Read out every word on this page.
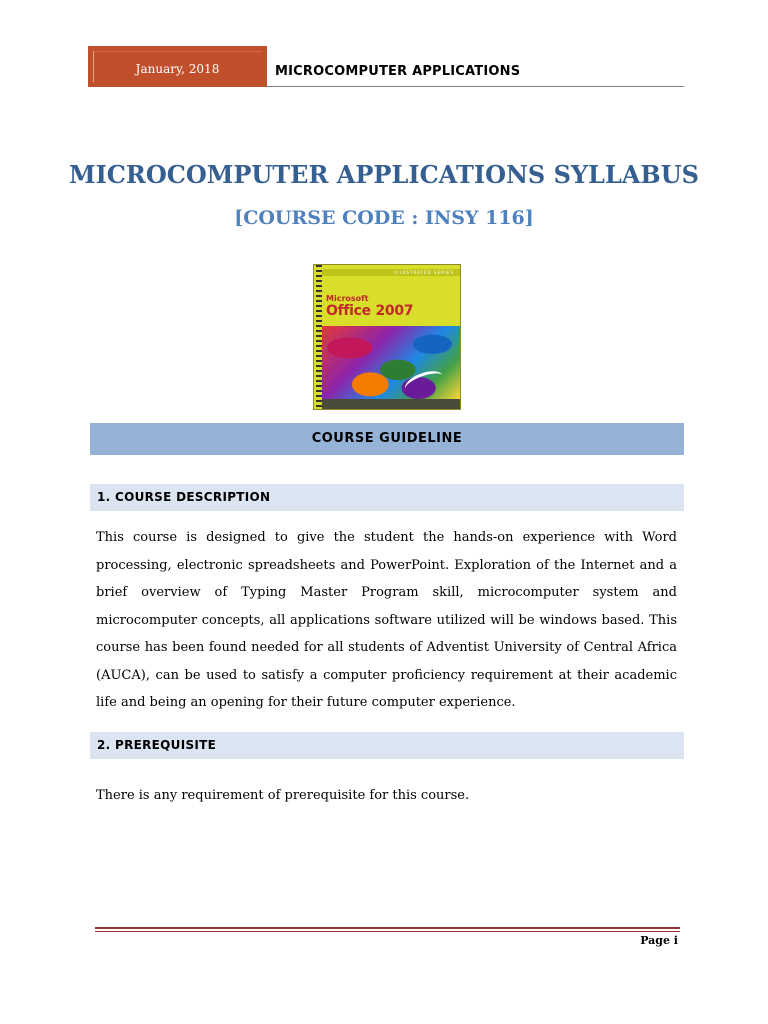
January, 2018	MICROCOMPUTER APPLICATIONS
MICROCOMPUTER APPLICATIONS SYLLABUS
[COURSE CODE : INSY 116]
ILLUSTRATED SERIES
Microsoft
Office 2007
COURSE GUIDELINE
1. COURSE DESCRIPTION
This course is designed to give the student the hands-on experience with Word processing, electronic spreadsheets and PowerPoint. Exploration of the Internet and a brief overview of Typing Master Program skill, microcomputer system and microcomputer concepts, all applications software utilized will be windows based. This course has been found needed for all students of Adventist University of Central Africa (AUCA), can be used to satisfy a computer proficiency requirement at their academic life and being an opening for their future computer experience.
2. PREREQUISITE
There is any requirement of prerequisite for this course.
Page i
